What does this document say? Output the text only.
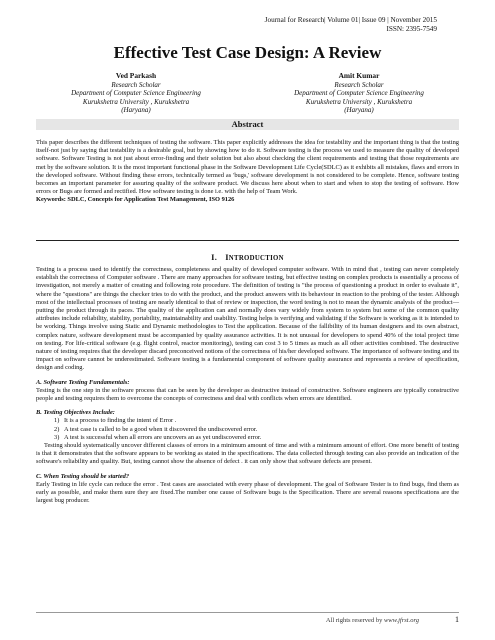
Journal for Research| Volume 01| Issue 09 | November 2015
ISSN: 2395-7549
Effective Test Case Design: A Review
Ved Parkash
Research Scholar
Department of Computer Science Engineering
Kurukshetra University , Kurukshetra
(Haryana)
Amit Kumar
Research Scholar
Department of Computer Science Engineering
Kurukshetra University , Kurukshetra
(Haryana)
Abstract
This paper describes the different techniques of testing the software. This paper explicitly addresses the idea for testability and the important thing is that the testing itself-not just by saying that testability is a desirable goal, but by showing how to do it. Software testing is the process we used to measure the quality of developed software. Software Testing is not just about error-finding and their solution but also about checking the client requirements and testing that those requirements are met by the software solution. It is the most important functional phase in the Software Development Life Cycle(SDLC) as it exhibits all mistakes, flaws and errors in the developed software. Without finding these errors, technically termed as 'bugs,' software development is not considered to be complete. Hence, software testing becomes an important parameter for assuring quality of the software product. We discuss here about when to start and when to stop the testing of software. How errors or Bugs are formed and rectified. How software testing is done i.e. with the help of Team Work.
Keywords: SDLC, Concepts for Application Test Management, ISO 9126
I. INTRODUCTION

Testing is a process used to identify the correctness, completeness and quality of developed computer software. With in mind that , testing can never completely establish the correctness of Computer software . There are many approaches for software testing, but effective testing on complex products is essentially a process of investigation, not merely a matter of creating and following rote procedure. The definition of testing is "the process of questioning a product in order to evaluate it", where the "questions" are things the checker tries to do with the product, and the product answers with its behaviour in reaction to the probing of the tester. Although most of the intellectual processes of testing are nearly identical to that of review or inspection, the word testing is not to mean the dynamic analysis of the product—putting the product through its paces. The quality of the application can and normally does vary widely from system to system but some of the common quality attributes include reliability, stability, portability, maintainability and usability. Testing helps is verifying and validating if the Software is working as it is intended to be working. Things involve using Static and Dynamic methodologies to Test the application. Because of the fallibility of its human designers and its own abstract, complex nature, software development must be accompanied by quality assurance activities. It is not unusual for developers to spend 40% of the total project time on testing. For life-critical software (e.g. flight control, reactor monitoring), testing can cost 3 to 5 times as much as all other activities combined. The destructive nature of testing requires that the developer discard preconceived notions of the correctness of his/her developed software. The importance of software testing and its impact on software cannot be underestimated. Software testing is a fundamental component of software quality assurance and represents a review of specification, design and coding.

A. Software Testing Fundamentals:

Testing is the one step in the software process that can be seen by the developer as destructive instead of constructive. Software engineers are typically constructive people and testing requires them to overcome the concepts of correctness and deal with conflicts when errors are identified.

B. Testing Objectives Include:

1) It is a process to finding the intent of Error .
2) A test case is called to be a good when it discovered the undiscovered error.
3) A test is successful when all errors are uncovers an as yet undiscovered error.

Testing should systematically uncover different classes of errors in a minimum amount of time and with a minimum amount of effort. One more benefit of testing is that it demonstrates that the software appears to be working as stated in the specifications. The data collected through testing can also provide an indication of the software's reliability and quality. But, testing cannot show the absence of defect . it can only show that software defects are present.

C. When Testing should be started?

Early Testing in life cycle can reduce the error . Test cases are associated with every phase of development. The goal of Software Tester is to find bugs, find them as early as possible, and make them sure they are fixed.The number one cause of Software bugs is the Specification. There are several reasons specifications are the largest bug producer.

All rights reserved by www.jfrst.org	1
